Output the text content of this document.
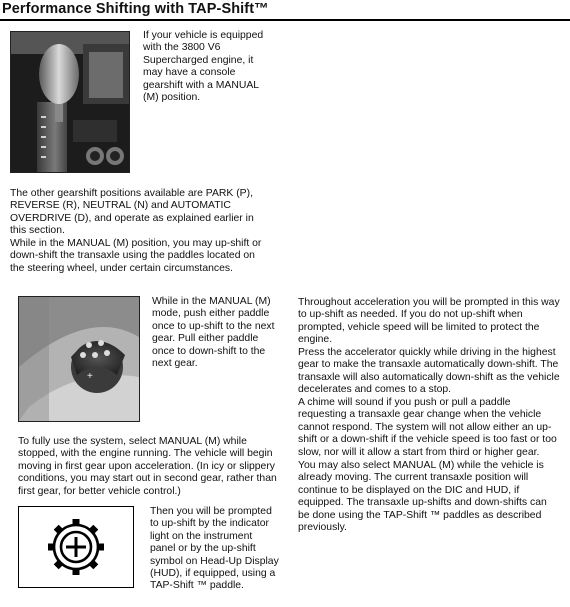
Performance Shifting with TAP-Shift™

If your vehicle is equipped with the 3800 V6 Supercharged engine, it may have a console gearshift with a MANUAL (M) position.

The other gearshift positions available are PARK (P), REVERSE (R), NEUTRAL (N) and AUTOMATIC OVERDRIVE (D), and operate as explained earlier in this section.

While in the MANUAL (M) position, you may up-shift or down-shift the transaxle using the paddles located on the steering wheel, under certain circumstances.

+

While in the MANUAL (M) mode, push either paddle once to up-shift to the next gear. Pull either paddle once to down-shift to the next gear.

To fully use the system, select MANUAL (M) while stopped, with the engine running. The vehicle will begin moving in first gear upon acceleration. (In icy or slippery conditions, you may start out in second gear, rather than first gear, for better vehicle control.)

Then you will be prompted to up-shift by the indicator light on the instrument panel or by the up-shift symbol on Head-Up Display (HUD), if equipped, using a TAP-Shift ™ paddle.

Throughout acceleration you will be prompted in this way to up-shift as needed. If you do not up-shift when prompted, vehicle speed will be limited to protect the engine.

Press the accelerator quickly while driving in the highest gear to make the transaxle automatically down-shift. The transaxle will also automatically down-shift as the vehicle decelerates and comes to a stop.

A chime will sound if you push or pull a paddle requesting a transaxle gear change when the vehicle cannot respond. The system will not allow either an up-shift or a down-shift if the vehicle speed is too fast or too slow, nor will it allow a start from third or higher gear.

You may also select MANUAL (M) while the vehicle is already moving. The current transaxle position will continue to be displayed on the DIC and HUD, if equipped. The transaxle up-shifts and down-shifts can be done using the TAP-Shift ™ paddles as described previously.
